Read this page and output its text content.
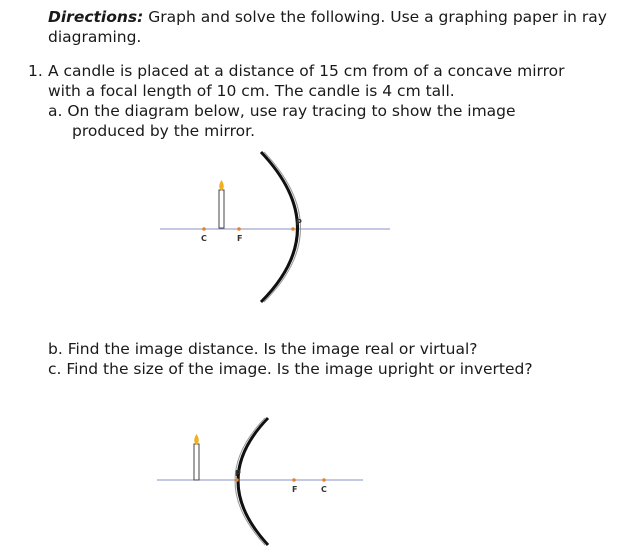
Directions: Graph and solve the following. Use a graphing paper in ray
diagraming.
1. A candle is placed at a distance of 15 cm from of a concave mirror
with a focal length of 10 cm. The candle is 4 cm tall.
a. On the diagram below, use ray tracing to show the image
produced by the mirror.
b. Find the image distance. Is the image real or virtual?
c. Find the size of the image. Is the image upright or inverted?
C	F
P
P
F	C
